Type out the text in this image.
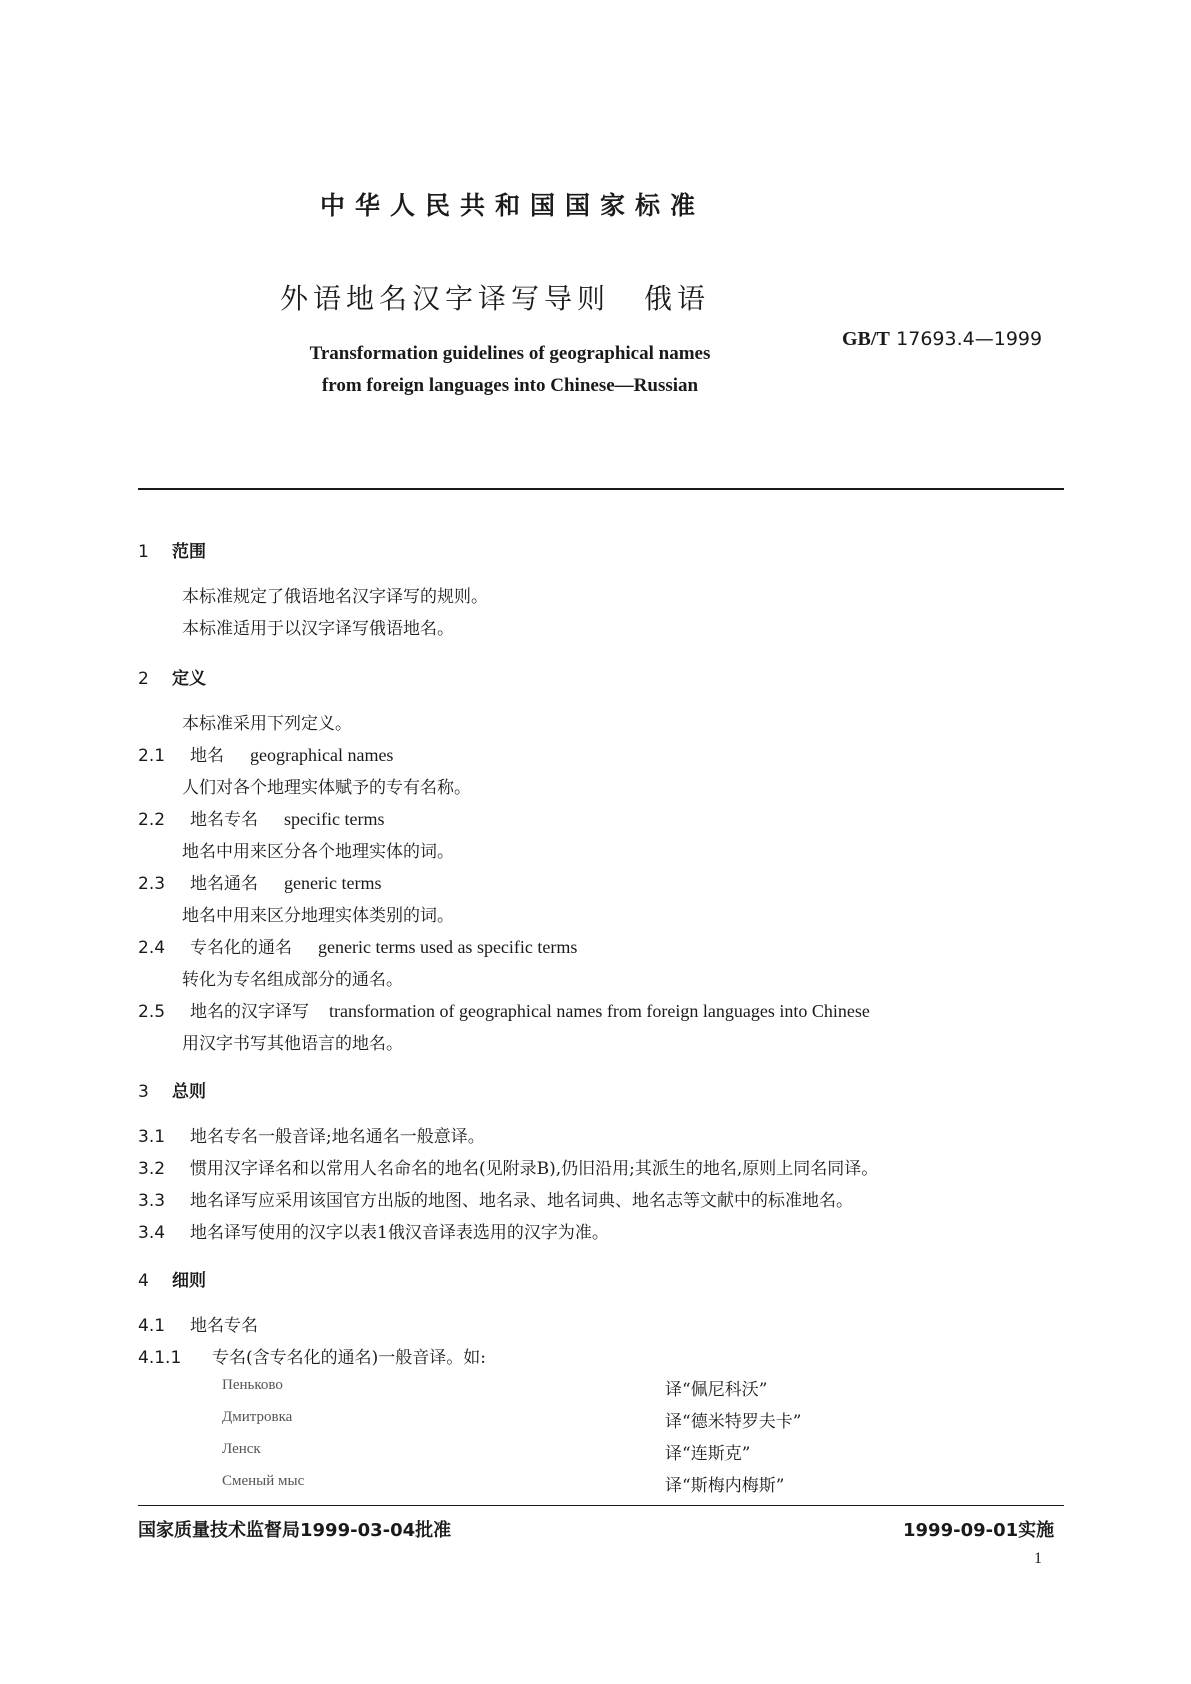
中华人民共和国国家标准
外语地名汉字译写导则 俄语
GB/T 17693.4—1999
Transformation guidelines of geographical names from foreign languages into Chinese—Russian
1 范围
本标准规定了俄语地名汉字译写的规则。
本标准适用于以汉字译写俄语地名。
2 定义
本标准采用下列定义。
2.1 地名 geographical names
人们对各个地理实体赋予的专有名称。
2.2 地名专名 specific terms
地名中用来区分各个地理实体的词。
2.3 地名通名 generic terms
地名中用来区分地理实体类别的词。
2.4 专名化的通名 generic terms used as specific terms
转化为专名组成部分的通名。
2.5 地名的汉字译写 transformation of geographical names from foreign languages into Chinese
用汉字书写其他语言的地名。
3 总则
3.1 地名专名一般音译;地名通名一般意译。
3.2 惯用汉字译名和以常用人名命名的地名(见附录B),仍旧沿用;其派生的地名,原则上同名同译。
3.3 地名译写应采用该国官方出版的地图、地名录、地名词典、地名志等文献中的标准地名。
3.4 地名译写使用的汉字以表1俄汉音译表选用的汉字为准。
4 细则
4.1 地名专名
4.1.1 专名(含专名化的通名)一般音译。如:
Пеньково	译“佩尼科沃”
Дмитровка	译“德米特罗夫卡”
Ленск	译“连斯克”
Сменый мыс	译“斯梅内梅斯”
国家质量技术监督局1999-03-04批准	1999-09-01实施
1
